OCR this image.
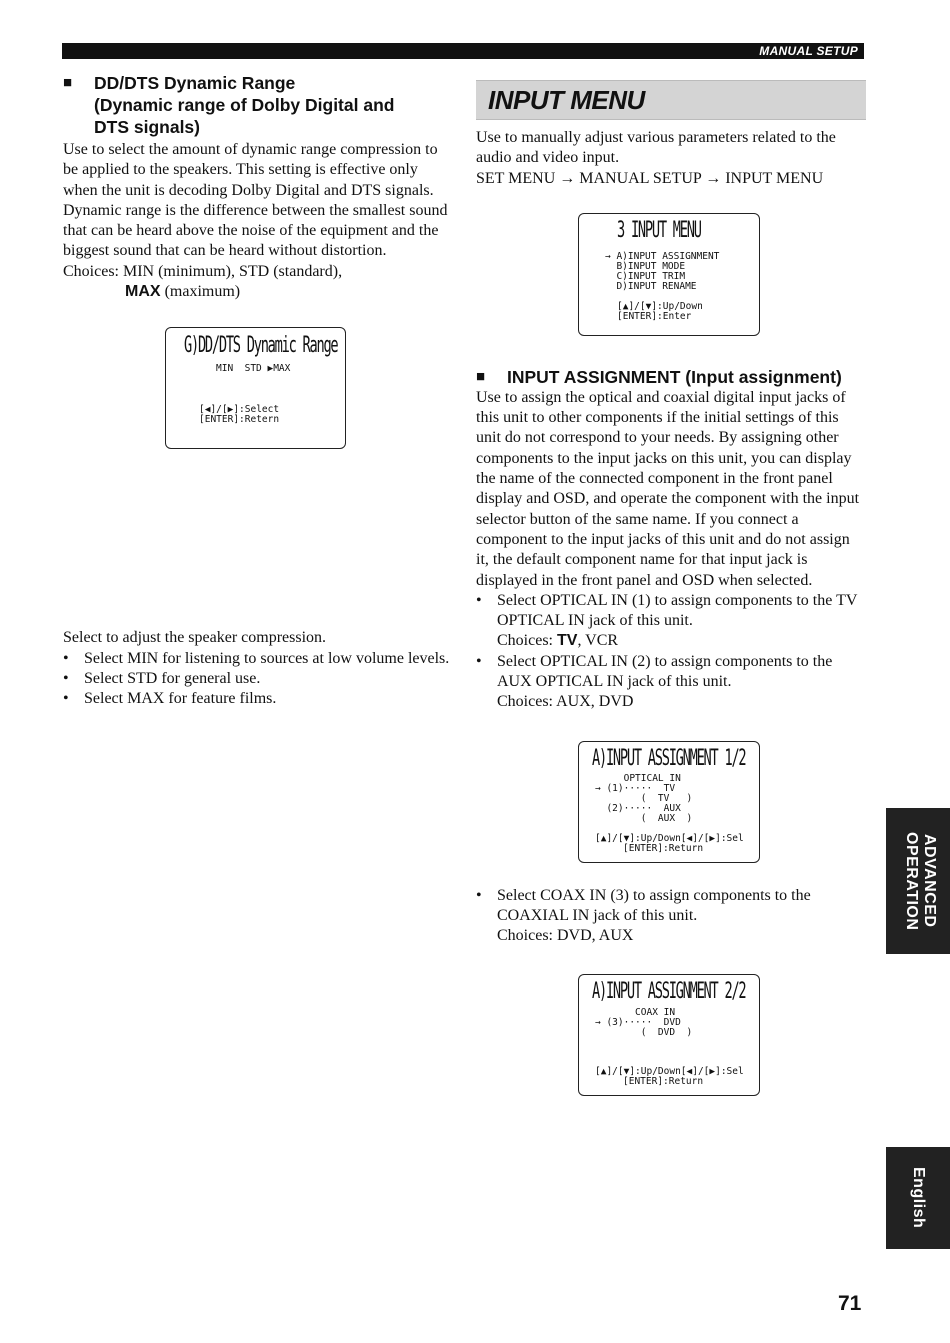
MANUAL SETUP
■	DD/DTS Dynamic Range
(Dynamic range of Dolby Digital and
DTS signals)

Use to select the amount of dynamic range compression to be applied to the speakers. This setting is effective only when the unit is decoding Dolby Digital and DTS signals. Dynamic range is the difference between the smallest sound that can be heard above the noise of the equipment and the biggest sound that can be heard without distortion.

Choices: MIN (minimum), STD (standard),

MAX (maximum)

Select to adjust the speaker compression.

• Select MIN for listening to sources at low volume levels.
• Select STD for general use.
• Select MAX for feature films.
G)DD/DTS Dynamic Range
MIN  STD ▶MAX
[◀]/[▶]:Select
[ENTER]:Retern
INPUT MENU

Use to manually adjust various parameters related to the audio and video input.

SET MENU → MANUAL SETUP → INPUT MENU

■	INPUT ASSIGNMENT (Input assignment)

Use to assign the optical and coaxial digital input jacks of this unit to other components if the initial settings of this unit do not correspond to your needs. By assigning other components to the input jacks on this unit, you can display the name of the connected component in the front panel display and OSD, and operate the component with the input selector button of the same name. If you connect a component to the input jacks of this unit and do not assign it, the default component name for that input jack is displayed in the front panel and OSD when selected.

• Select OPTICAL IN (1) to assign components to the TV OPTICAL IN jack of this unit.
Choices: TV, VCR
• Select OPTICAL IN (2) to assign components to the AUX OPTICAL IN jack of this unit.
Choices: AUX, DVD
• Select COAX IN (3) to assign components to the COAXIAL IN jack of this unit.
Choices: DVD, AUX
3 INPUT MENU
→ A)INPUT ASSIGNMENT
B)INPUT MODE
C)INPUT TRIM
D)INPUT RENAME
[▲]/[▼]:Up/Down
[ENTER]:Enter
A)INPUT ASSIGNMENT 1/2
OPTICAL IN
→ (1)·····  TV
(  TV   )
(2)·····  AUX
(  AUX  )
[▲]/[▼]:Up/Down[◀]/[▶]:Sel
[ENTER]:Return
A)INPUT ASSIGNMENT 2/2
COAX IN
→ (3)·····  DVD
(  DVD  )
[▲]/[▼]:Up/Down[◀]/[▶]:Sel
[ENTER]:Return
ADVANCED OPERATION
English
71
